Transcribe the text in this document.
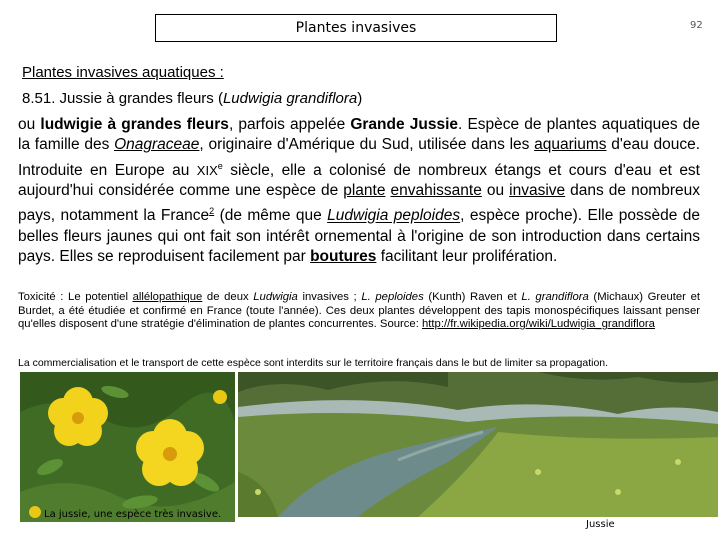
Plantes invasives	92
Plantes invasives aquatiques :
8.51. Jussie à grandes fleurs (Ludwigia grandiflora)
ou ludwigie à grandes fleurs, parfois appelée Grande Jussie. Espèce de plantes aquatiques de la famille des Onagraceae, originaire d'Amérique du Sud, utilisée dans les aquariums d'eau douce. Introduite en Europe au XIXe siècle, elle a colonisé de nombreux étangs et cours d'eau et est aujourd'hui considérée comme une espèce de plante envahissante ou invasive dans de nombreux pays, notamment la France$^2$ (de même que Ludwigia peploides, espèce proche). Elle possède de belles fleurs jaunes qui ont fait son intérêt ornemental à l'origine de son introduction dans certains pays. Elles se reproduisent facilement par boutures facilitant leur prolifération.
Toxicité : Le potentiel allélopathique de deux Ludwigia invasives ; L. peploides (Kunth) Raven et L. grandiflora (Michaux) Greuter et Burdet, a été étudiée et confirmé en France (toute l'année). Ces deux plantes développent des tapis monospécifiques laissant penser qu'elles disposent d'une stratégie d'élimination de plantes concurrentes. Source: http://fr.wikipedia.org/wiki/Ludwigia_grandiflora
La commercialisation et le transport de cette espèce sont interdits sur le territoire français dans le but de limiter sa propagation.
La jussie, une espèce très invasive.
Jussie
